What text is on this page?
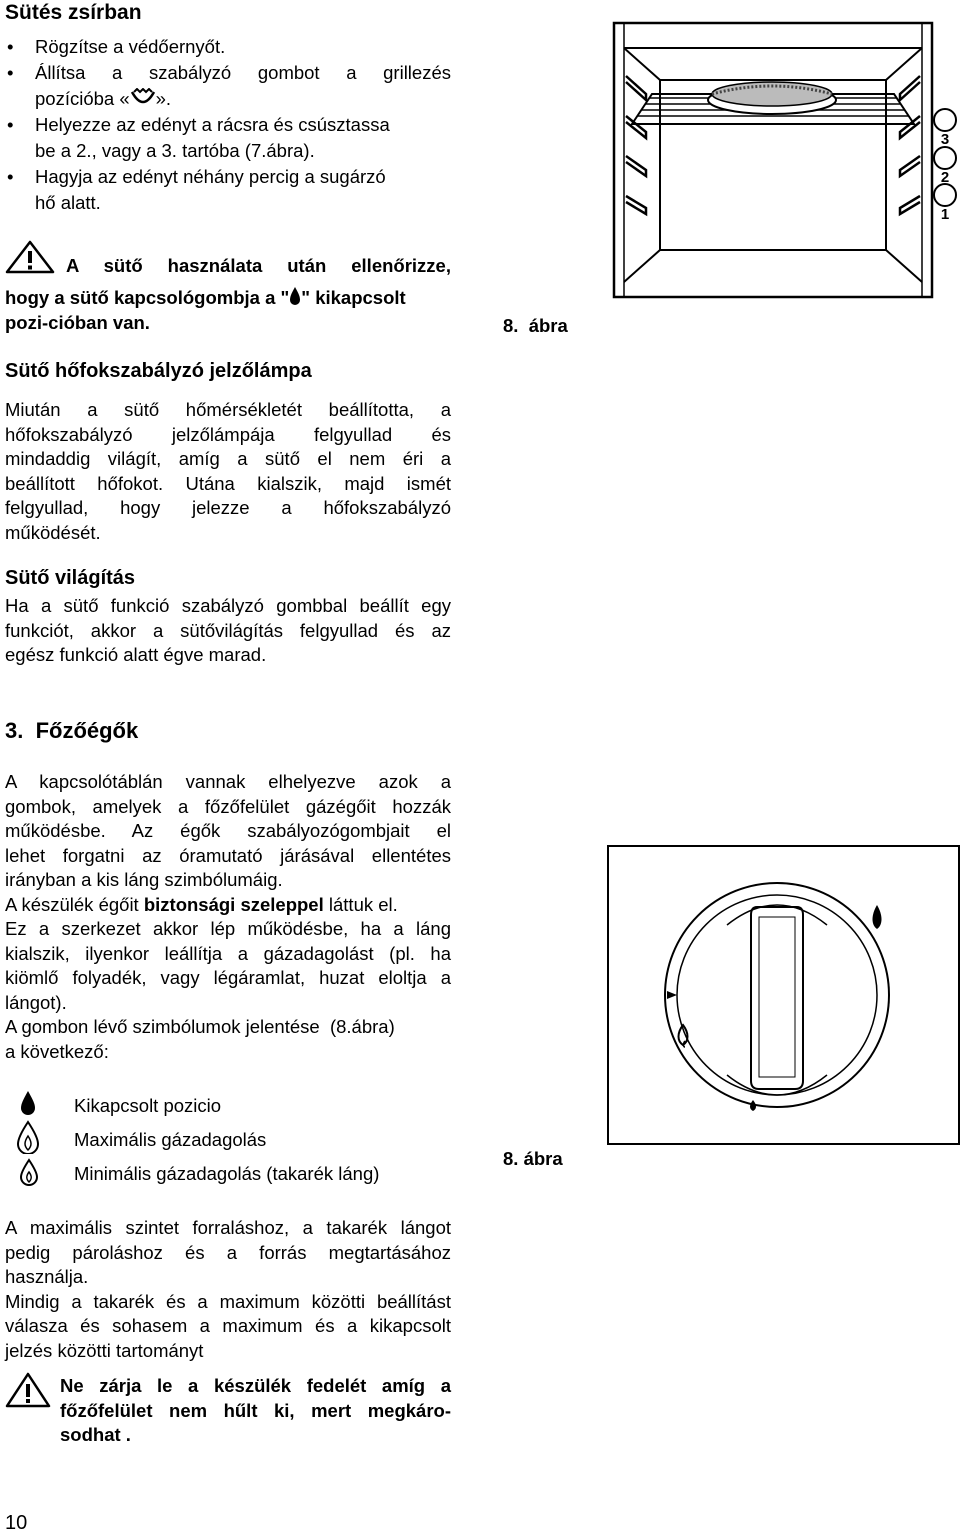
Sütés zsírban
• Rögzítse a védőernyőt.
• Állítsa a szabályzó gombot a grillezés
pozícióba « ».
• Helyezze az edényt a rácsra és csúsztassa
be a 2., vagy a 3. tartóba (7.ábra).
• Hagyja az edényt néhány percig a sugárzó
hő alatt.
A sütő használata után ellenőrizze,
hogy a sütő kapcsológombja a " " kikapcsolt
pozi-cióban van.
3
2
1
8.  ábra
Sütő hőfokszabályzó jelzőlámpa
Miután a sütő hőmérsékletét beállította, a
hőfokszabályzó jelzőlámpája felgyullad és
mindaddig világít, amíg a sütő el nem éri a
beállított hőfokot. Utána kialszik, majd ismét
felgyullad, hogy jelezze a hőfokszabályzó
működését.
Sütő világítás
Ha a sütő funkció szabályzó gombbal beállít egy
funkciót, akkor a sütővilágítás felgyullad és az
egész funkció alatt égve marad.
3.  Főzőégők
A kapcsolótáblán vannak elhelyezve azok a
gombok, amelyek a főzőfelület gázégőit hozzák
működésbe. Az égők szabályozógombjait el
lehet forgatni az óramutató járásával ellentétes
irányban a kis láng szimbólumáig.
A készülék égőit biztonsági szeleppel láttuk el.
Ez a szerkezet akkor lép működésbe, ha a láng
kialszik, ilyenkor leállítja a gázadagolást (pl. ha
kiömlő folyadék, vagy légáramlat, huzat eloltja a
lángot).
A gombon lévő szimbólumok jelentése  (8.ábra)
a következő:
8. ábra
Kikapcsolt pozicio
Maximális gázadagolás
Minimális gázadagolás (takarék láng)
A maximális szintet forraláshoz, a takarék lángot
pedig pároláshoz és a forrás megtartásához
használja.
Mindig a takarék és a maximum közötti beállítást
válasza és sohasem a maximum és a kikapcsolt
jelzés közötti tartományt
Ne zárja le a készülék fedelét amíg a
főzőfelület nem hűlt ki, mert megkáro-
sodhat .
10
